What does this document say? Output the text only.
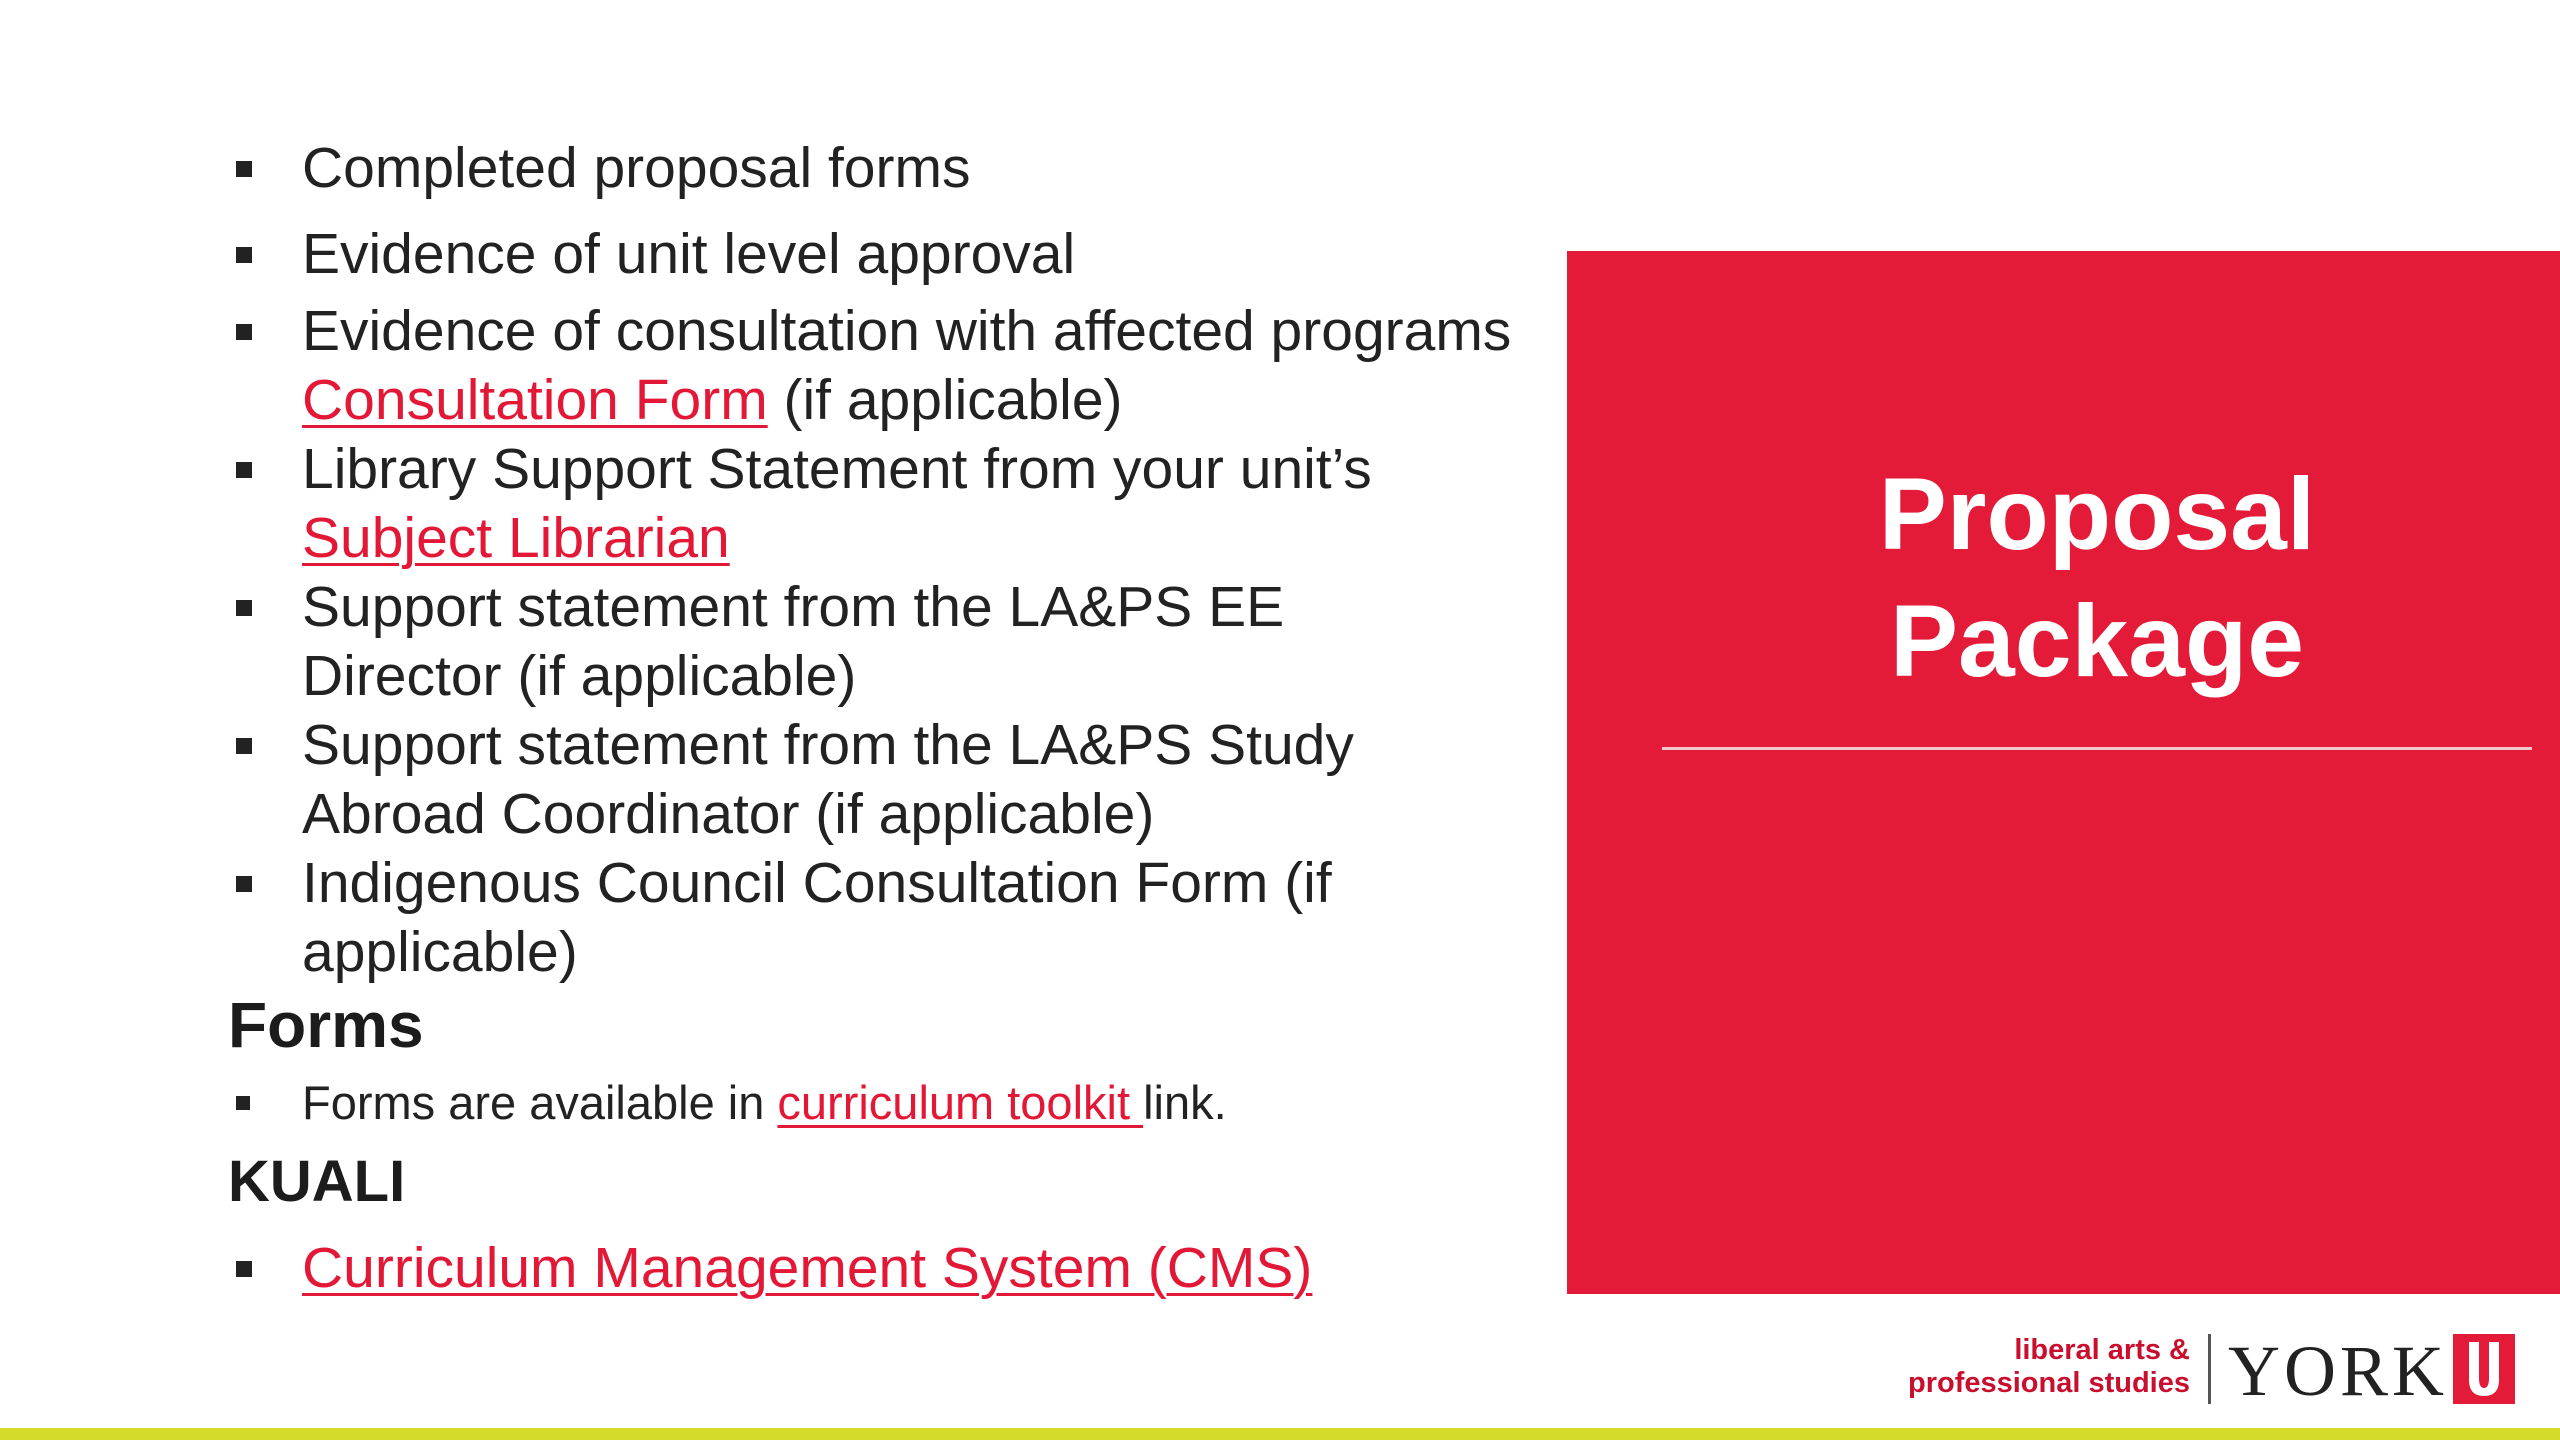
Completed proposal forms
Evidence of unit level approval
Evidence of consultation with affected programs Consultation Form (if applicable)
Library Support Statement from your unit’s Subject Librarian
Support statement from the LA&PS EE Director (if applicable)
Support statement from the LA&PS Study Abroad Coordinator (if applicable)
Indigenous Council Consultation Form (if applicable)
Forms
Forms are available in curriculum toolkit link.
KUALI
Curriculum Management System (CMS)
Proposal
Package
liberal arts &
professional studies YORK
